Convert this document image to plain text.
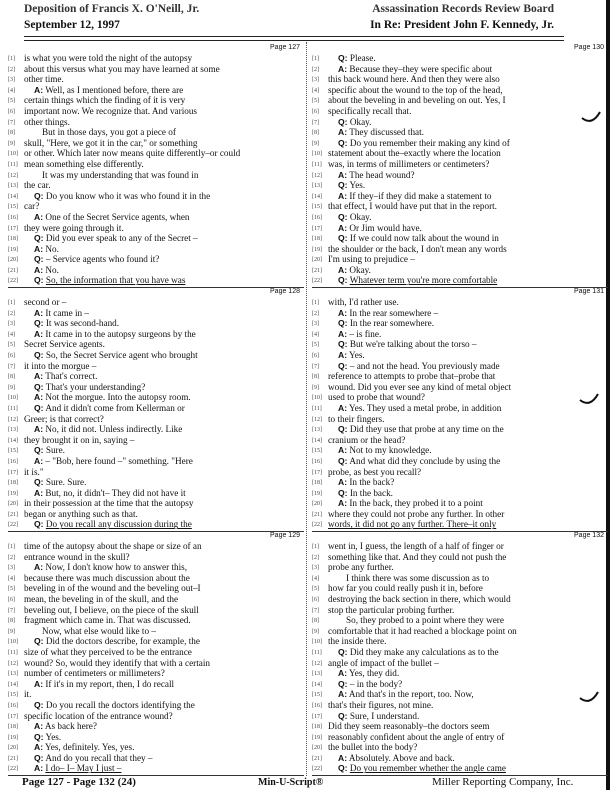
Deposition of Francis X. O'Neill, Jr.
September 12, 1997
Assassination Records Review Board
In Re: President John F. Kennedy, Jr.
Page 127
[1] is what you were told the night of the autopsy
[2] about this versus what you may have learned at some
[3] other time.
[4] A: Well, as I mentioned before, there are
[5] certain things which the finding of it is very
[6] important now. We recognize that. And various
[7] other things.
[8]	But in those days, you got a piece of
[9] skull, "Here, we got it in the car," or something
[10] or other. Which later now means quite differently–or could
[11] mean something else differently.
[12]	It was my understanding that was found in
[13] the car.
[14] Q: Do you know who it was who found it in the
[15] car?
[16] A: One of the Secret Service agents, when
[17] they were going through it.
[18] Q: Did you ever speak to any of the Secret –
[19] A: No.
[20] Q: – Service agents who found it?
[21] A: No.
[22] Q: So, the information that you have was
Page 128
[1] second or –
[2] A: It came in –
[3] Q: It was second-hand.
[4] A: It came in to the autopsy surgeons by the
[5] Secret Service agents.
[6] Q: So, the Secret Service agent who brought
[7] it into the morgue –
[8] A: That's correct.
[9] Q: That's your understanding?
[10] A: Not the morgue. Into the autopsy room.
[11] Q: And it didn't come from Kellerman or
[12] Greer; is that correct?
[13] A: No, it did not. Unless indirectly. Like
[14] they brought it on in, saying –
[15] Q: Sure.
[16] A: – "Bob, here found –" something. "Here
[17] it is."
[18] Q: Sure. Sure.
[19] A: But, no, it didn't– They did not have it
[20] in their possession at the time that the autopsy
[21] began or anything such as that.
[22] Q: Do you recall any discussion during the
Page 129
[1] time of the autopsy about the shape or size of an
[2] entrance wound in the skull?
[3] A: Now, I don't know how to answer this,
[4] because there was much discussion about the
[5] beveling in of the wound and the beveling out–I
[6] mean, the beveling in of the skull, and the
[7] beveling out, I believe, on the piece of the skull
[8] fragment which came in. That was discussed.
[9]	Now, what else would like to –
[10] Q: Did the doctors describe, for example, the
[11] size of what they perceived to be the entrance
[12] wound? So, would they identify that with a certain
[13] number of centimeters or millimeters?
[14] A: If it's in my report, then, I do recall
[15] it.
[16] Q: Do you recall the doctors identifying the
[17] specific location of the entrance wound?
[18] A: As back here?
[19] Q: Yes.
[20] A: Yes, definitely. Yes, yes.
[21] Q: And do you recall that they –
[22] A: I do– I– May I just –
Page 130
[1] Q: Please.
[2] A: Because they–they were specific about
[3] this back wound here. And then they were also
[4] specific about the wound to the top of the head,
[5] about the beveling in and beveling on out. Yes, I
[6] specifically recall that.
[7] Q: Okay.
[8] A: They discussed that.
[9] Q: Do you remember their making any kind of
[10] statement about the–exactly where the location
[11] was, in terms of millimeters or centimeters?
[12] A: The head wound?
[13] Q: Yes.
[14] A: If they–if they did make a statement to
[15] that effect, I would have put that in the report.
[16] Q: Okay.
[17] A: Or Jim would have.
[18] Q: If we could now talk about the wound in
[19] the shoulder or the back, I don't mean any words
[20] I'm using to prejudice –
[21] A: Okay.
[22] Q: Whatever term you're more comfortable
Page 131
[1] with, I'd rather use.
[2] A: In the rear somewhere –
[3] Q: In the rear somewhere.
[4] A: – is fine.
[5] Q: But we're talking about the torso –
[6] A: Yes.
[7] Q: – and not the head. You previously made
[8] reference to attempts to probe that–probe that
[9] wound. Did you ever see any kind of metal object
[10] used to probe that wound?
[11] A: Yes. They used a metal probe, in addition
[12] to their fingers.
[13] Q: Did they use that probe at any time on the
[14] cranium or the head?
[15] A: Not to my knowledge.
[16] Q: And what did they conclude by using the
[17] probe, as best you recall?
[18] A: In the back?
[19] Q: In the back.
[20] A: In the back, they probed it to a point
[21] where they could not probe any further. In other
[22] words, it did not go any further. There–it only
Page 132
[1] went in, I guess, the length of a half of finger or
[2] something like that. And they could not push the
[3] probe any further.
[4]	I think there was some discussion as to
[5] how far you could really push it in, before
[6] destroying the back section in there, which would
[7] stop the particular probing further.
[8]	So, they probed to a point where they were
[9] comfortable that it had reached a blockage point on
[10] the inside there.
[11] Q: Did they make any calculations as to the
[12] angle of impact of the bullet –
[13] A: Yes, they did.
[14] Q: – in the body?
[15] A: And that's in the report, too. Now,
[16] that's their figures, not mine.
[17] Q: Sure, I understand.
[18] Did they seem reasonably–the doctors seem
[19] reasonably confident about the angle of entry of
[20] the bullet into the body?
[21] A: Absolutely. Above and back.
[22] Q: Do you remember whether the angle came
Page 127 - Page 132 (24)	Min-U-Script®	Miller Reporting Company, Inc.
